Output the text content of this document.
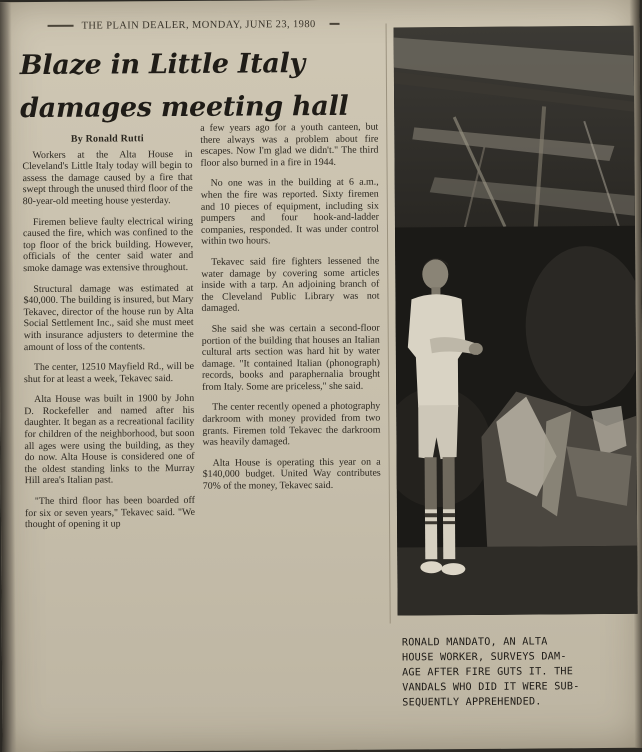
THE PLAIN DEALER, MONDAY, JUNE 23, 1980
Blaze in Little Italy
damages meeting hall
By Ronald Rutti

Workers at the Alta House in Cleveland's Little Italy today will begin to assess the damage caused by a fire that swept through the unused third floor of the 80-year-old meeting house yesterday.

Firemen believe faulty electrical wiring caused the fire, which was confined to the top floor of the brick building. However, officials of the center said water and smoke damage was extensive throughout.

Structural damage was estimated at $40,000. The building is insured, but Mary Tekavec, director of the house run by Alta Social Settlement Inc., said she must meet with insurance adjusters to determine the amount of loss of the contents.

The center, 12510 Mayfield Rd., will be shut for at least a week, Tekavec said.

Alta House was built in 1900 by John D. Rockefeller and named after his daughter. It began as a recreational facility for children of the neighborhood, but soon all ages were using the building, as they do now. Alta House is considered one of the oldest standing links to the Murray Hill area's Italian past.

"The third floor has been boarded off for six or seven years," Tekavec said. "We thought of opening it up

a few years ago for a youth canteen, but there always was a problem about fire escapes. Now I'm glad we didn't." The third floor also burned in a fire in 1944.

No one was in the building at 6 a.m., when the fire was reported. Sixty firemen and 10 pieces of equipment, including six pumpers and four hook-and-ladder companies, responded. It was under control within two hours.

Tekavec said fire fighters lessened the water damage by covering some articles inside with a tarp. An adjoining branch of the Cleveland Public Library was not damaged.

She said she was certain a second-floor portion of the building that houses an Italian cultural arts section was hard hit by water damage. "It contained Italian (phonograph) records, books and paraphernalia brought from Italy. Some are priceless," she said.

The center recently opened a photography darkroom with money provided from two grants. Firemen told Tekavec the darkroom was heavily damaged.

Alta House is operating this year on a $140,000 budget. United Way contributes 70% of the money, Tekavec said.

RONALD MANDATO, AN ALTA
HOUSE WORKER, SURVEYS DAM-
AGE AFTER FIRE GUTS IT. THE
VANDALS WHO DID IT WERE SUB-
SEQUENTLY APPREHENDED.
